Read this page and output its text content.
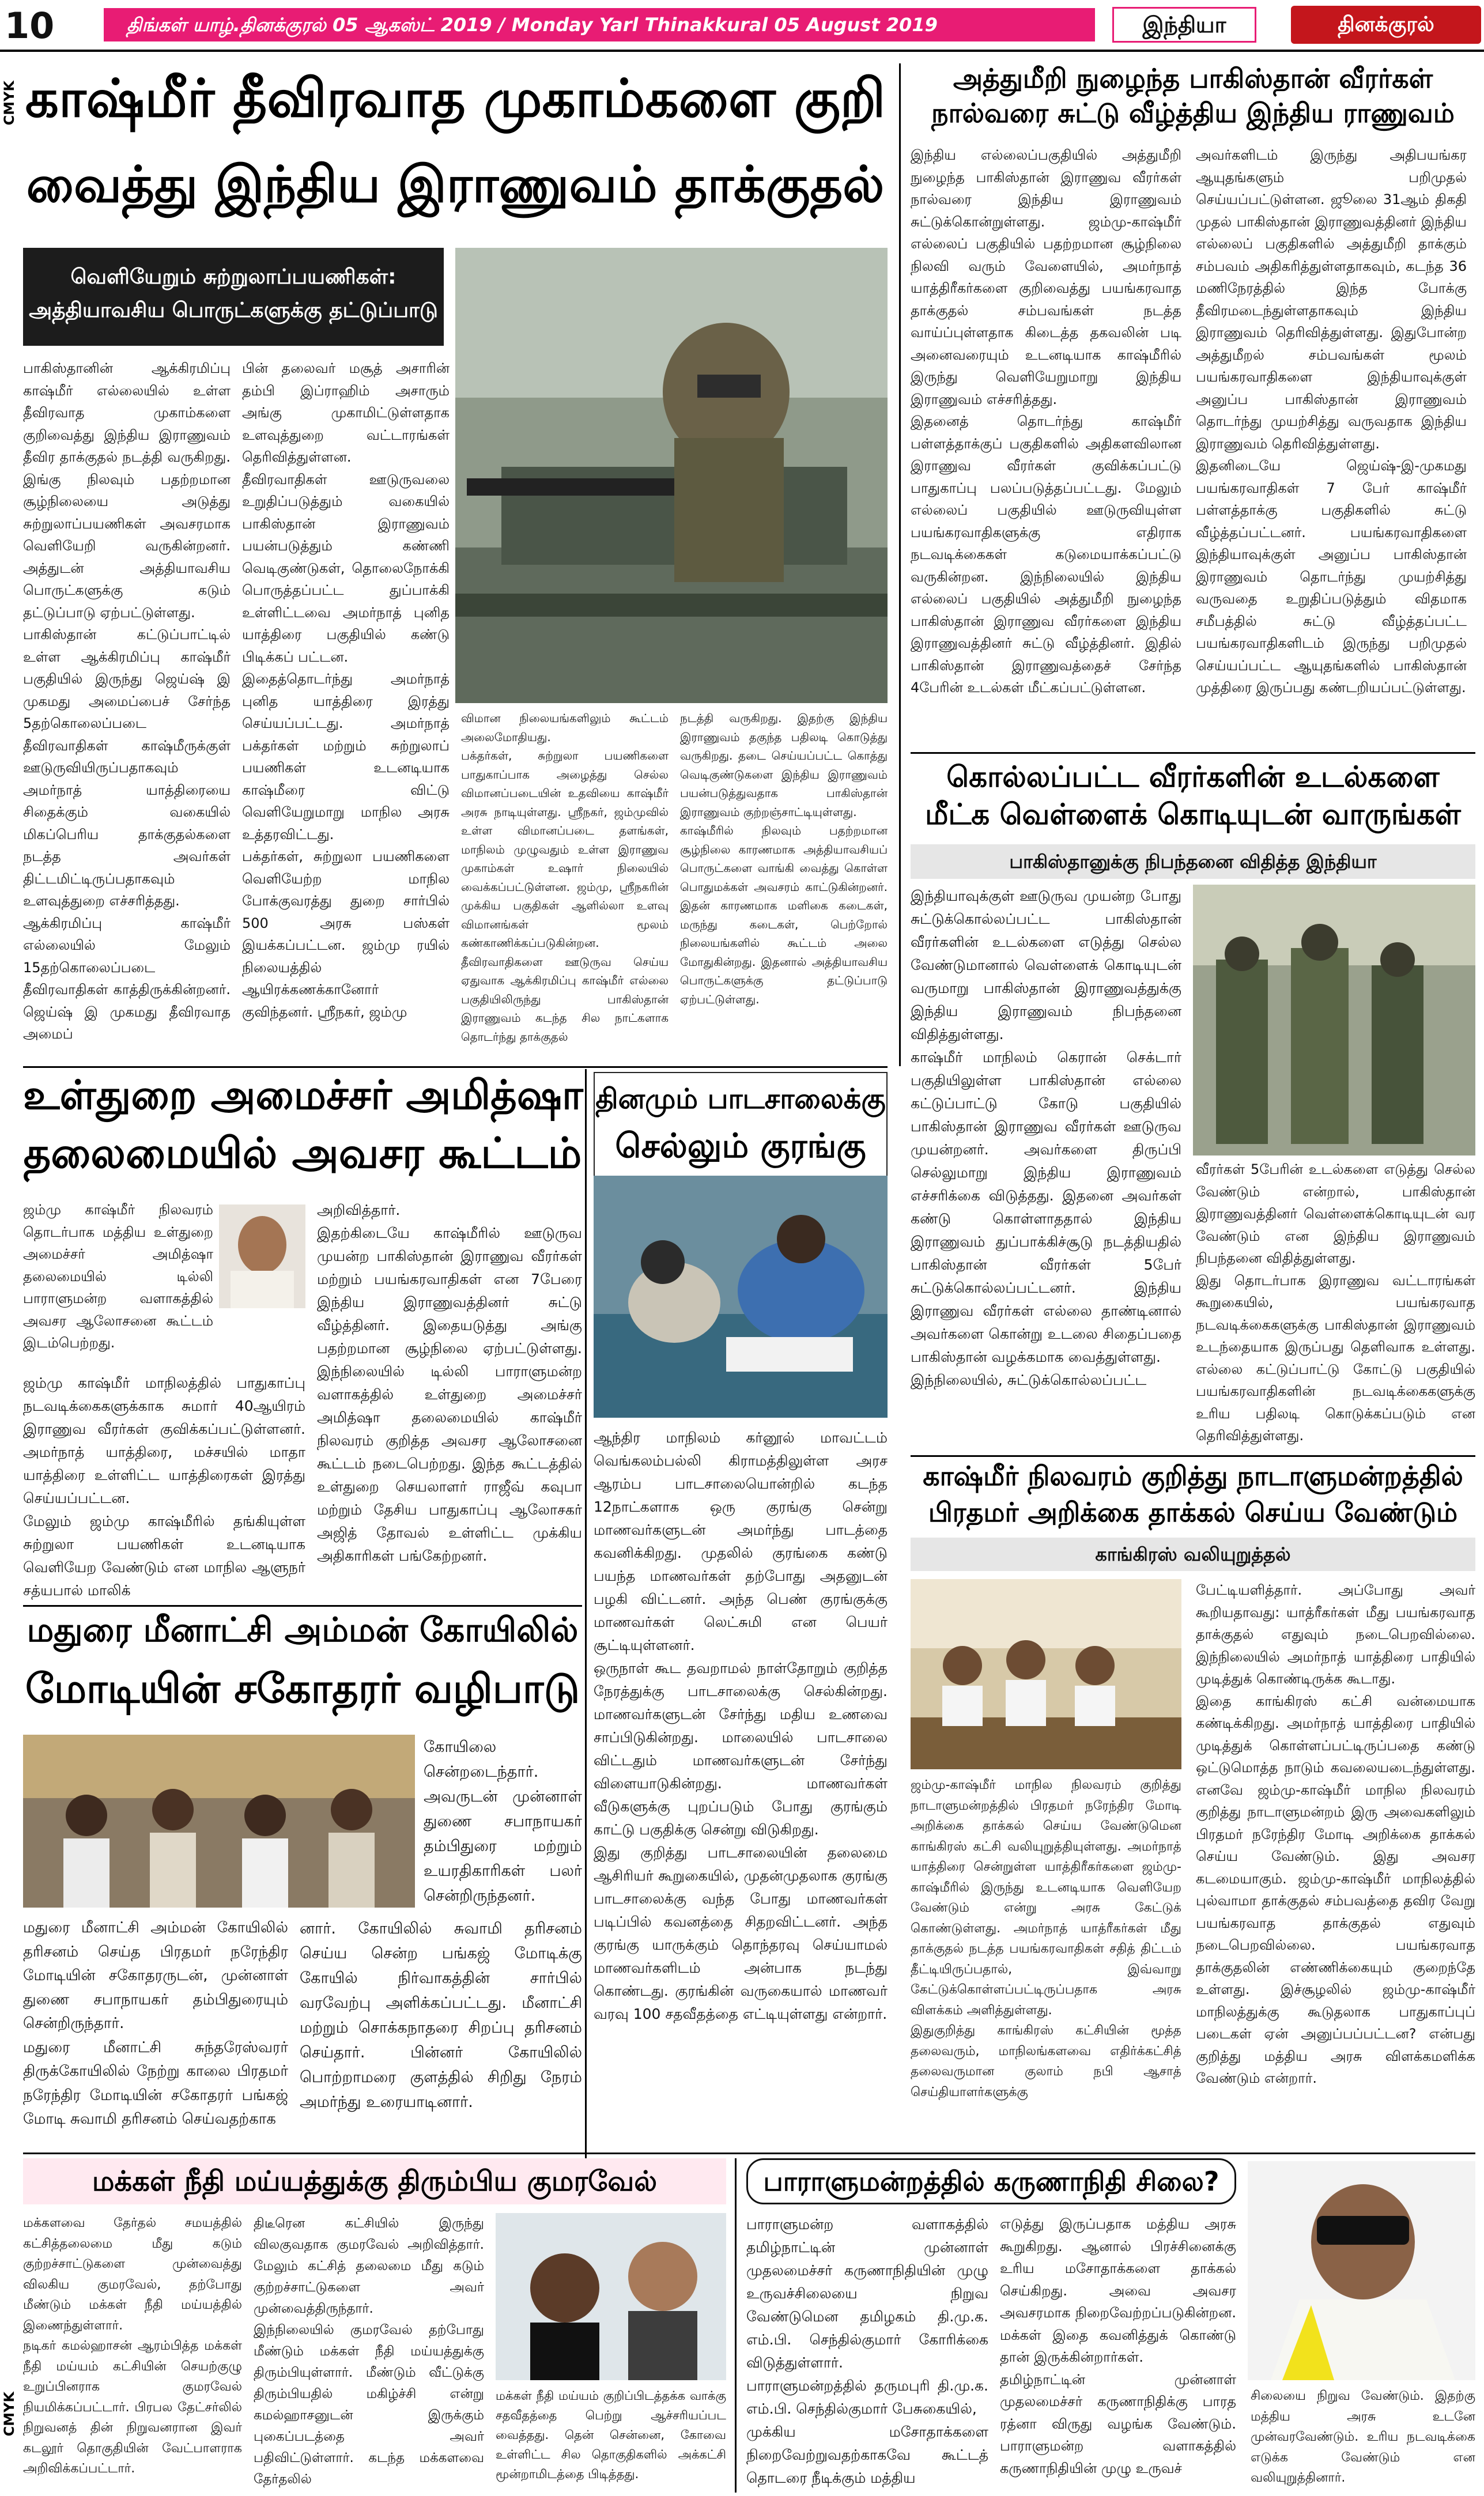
10	திங்கள் யாழ்.தினக்குரல் 05 ஆகஸ்ட் 2019 / Monday Yarl Thinakkural 05 August 2019	இந்தியா	தினக்குரல்
CMYK
CMYK
காஷ்மீர் தீவிரவாத முகாம்களை குறி
வைத்து இந்திய இராணுவம் தாக்குதல்
வெளியேறும் சுற்றுலாப்பயணிகள்:
அத்தியாவசிய பொருட்களுக்கு தட்டுப்பாடு
பாகிஸ்தானின் ஆக்கிரமிப்பு காஷ்மீர் எல்லையில் உள்ள தீவிரவாத முகாம்களை குறிவைத்து இந்திய இராணுவம் தீவிர தாக்குதல் நடத்தி வருகிறது. இங்கு நிலவும் பதற்றமான சூழ்நிலையை அடுத்து சுற்றுலாப்பயணிகள் அவசரமாக வெளியேறி வருகின்றனர். அத்துடன் அத்தியாவசிய பொருட்களுக்கு கடும் தட்டுப்பாடு ஏற்பட்டுள்ளது.
பாகிஸ்தான் கட்டுப்பாட்டில் உள்ள ஆக்கிரமிப்பு காஷ்மீர் பகுதியில் இருந்து ஜெய்ஷ் இ முகமது அமைப்பைச் சேர்ந்த 5தற்கொலைப்படை தீவிரவாதிகள் காஷ்மீருக்குள் ஊடுருவியிருப்பதாகவும் அமர்நாத் யாத்திரையை சிதைக்கும் வகையில் மிகப்பெரிய தாக்குதல்களை நடத்த அவர்கள் திட்டமிட்டிருப்பதாகவும் உளவுத்துறை எச்சரித்தது.
ஆக்கிரமிப்பு காஷ்மீர் எல்லையில் மேலும் 15தற்கொலைப்படை தீவிரவாதிகள் காத்திருக்கின்றனர். ஜெய்ஷ் இ முகமது தீவிரவாத அமைப்
பின் தலைவர் மசூத் அசாரின் தம்பி இப்ராஹிம் அசாரும் அங்கு முகாமிட்டுள்ளதாக உளவுத்துறை வட்டாரங்கள் தெரிவித்துள்ளன.
தீவிரவாதிகள் ஊடுருவலை உறுதிப்படுத்தும் வகையில் பாகிஸ்தான் இராணுவம் பயன்படுத்தும் கண்ணி வெடிகுண்டுகள், தொலைநோக்கி பொருத்தப்பட்ட துப்பாக்கி உள்ளிட்டவை அமர்நாத் புனித யாத்திரை பகுதியில் கண்டு பிடிக்கப் பட்டன.
இதைத்தொடர்ந்து அமர்நாத் புனித யாத்திரை இரத்து செய்யப்பட்டது. அமர்நாத் பக்தர்கள் மற்றும் சுற்றுலாப் பயணிகள் உடனடியாக காஷ்மீரை விட்டு வெளியேறுமாறு மாநில அரசு உத்தரவிட்டது.
பக்தர்கள், சுற்றுலா பயணிகளை வெளியேற்ற மாநில போக்குவரத்து துறை சார்பில் 500 அரசு பஸ்கள் இயக்கப்பட்டன. ஜம்மு ரயில் நிலையத்தில் ஆயிரக்கணக்கானோர் குவிந்தனர். ஸ்ரீநகர், ஜம்மு
விமான நிலையங்களிலும் கூட்டம் அலைமோதியது.
பக்தர்கள், சுற்றுலா பயணிகளை பாதுகாப்பாக அழைத்து செல்ல விமானப்படையின் உதவியை காஷ்மீர் அரசு நாடியுள்ளது. ஸ்ரீநகர், ஜம்முவில் உள்ள விமானப்படை தளங்கள், மாநிலம் முழுவதும் உள்ள இராணுவ முகாம்கள் உஷார் நிலையில் வைக்கப்பட்டுள்ளன. ஜம்மு, ஸ்ரீநகரின் முக்கிய பகுதிகள் ஆளில்லா உளவு விமானங்கள் மூலம் கண்காணிக்கப்படுகின்றன.
தீவிரவாதிகளை ஊடுருவ செய்ய ஏதுவாக ஆக்கிரமிப்பு காஷ்மீர் எல்லை பகுதியிலிருந்து பாகிஸ்தான் இராணுவம் கடந்த சில நாட்களாக தொடர்ந்து தாக்குதல்
நடத்தி வருகிறது. இதற்கு இந்திய இராணுவம் தகுந்த பதிலடி கொடுத்து வருகிறது. தடை செய்யப்பட்ட கொத்து வெடிகுண்டுகளை இந்திய இராணுவம் பயன்படுத்துவதாக பாகிஸ்தான் இராணுவம் குற்றஞ்சாட்டியுள்ளது.
காஷ்மீரில் நிலவும் பதற்றமான சூழ்நிலை காரணமாக அத்தியாவசியப் பொருட்களை வாங்கி வைத்து கொள்ள பொதுமக்கள் அவசரம் காட்டுகின்றனர். இதன் காரணமாக மளிகை கடைகள், மருந்து கடைகள், பெற்றோல் நிலையங்களில் கூட்டம் அலை மோதுகின்றது. இதனால் அத்தியாவசிய பொருட்களுக்கு தட்டுப்பாடு ஏற்பட்டுள்ளது.
அத்துமீறி நுழைந்த பாகிஸ்தான் வீரர்கள்
நால்வரை சுட்டு வீழ்த்திய இந்திய ராணுவம்
இந்திய எல்லைப்பகுதியில் அத்துமீறி நுழைந்த பாகிஸ்தான் இராணுவ வீரர்கள் நால்வரை இந்திய இராணுவம் சுட்டுக்கொன்றுள்ளது. ஜம்மு-காஷ்மீர் எல்லைப் பகுதியில் பதற்றமான சூழ்நிலை நிலவி வரும் வேளையில், அமர்நாத் யாத்திரீகர்களை குறிவைத்து பயங்கரவாத தாக்குதல் சம்பவங்கள் நடத்த வாய்ப்புள்ளதாக கிடைத்த தகவலின் படி அனைவரையும் உடனடியாக காஷ்மீரில் இருந்து வெளியேறுமாறு இந்திய இராணுவம் எச்சரித்தது.
இதனைத் தொடர்ந்து காஷ்மீர் பள்ளத்தாக்குப் பகுதிகளில் அதிகளவிலான இராணுவ வீரர்கள் குவிக்கப்பட்டு பாதுகாப்பு பலப்படுத்தப்பட்டது. மேலும் எல்லைப் பகுதியில் ஊடுருவியுள்ள பயங்கரவாதிகளுக்கு எதிராக நடவடிக்கைகள் கடுமையாக்கப்பட்டு வருகின்றன. இந்நிலையில் இந்திய எல்லைப் பகுதியில் அத்துமீறி நுழைந்த பாகிஸ்தான் இராணுவ வீரர்களை இந்திய இராணுவத்தினர் சுட்டு வீழ்த்தினர். இதில் பாகிஸ்தான் இராணுவத்தைச் சேர்ந்த 4பேரின் உடல்கள் மீட்கப்பட்டுள்ளன.
அவர்களிடம் இருந்து அதிபயங்கர ஆயுதங்களும் பறிமுதல் செய்யப்பட்டுள்ளன. ஜூலை 31ஆம் திகதி முதல் பாகிஸ்தான் இராணுவத்தினர் இந்திய எல்லைப் பகுதிகளில் அத்துமீறி தாக்கும் சம்பவம் அதிகரித்துள்ளதாகவும், கடந்த 36 மணிநேரத்தில் இந்த போக்கு தீவிரமடைந்துள்ளதாகவும் இந்திய இராணுவம் தெரிவித்துள்ளது. இதுபோன்ற அத்துமீறல் சம்பவங்கள் மூலம் பயங்கரவாதிகளை இந்தியாவுக்குள் அனுப்ப பாகிஸ்தான் இராணுவம் தொடர்ந்து முயற்சித்து வருவதாக இந்திய இராணுவம் தெரிவித்துள்ளது.
இதனிடையே ஜெய்ஷ்-இ-முகமது பயங்கரவாதிகள் 7 பேர் காஷ்மீர் பள்ளத்தாக்கு பகுதிகளில் சுட்டு வீழ்த்தப்பட்டனர். பயங்கரவாதிகளை இந்தியாவுக்குள் அனுப்ப பாகிஸ்தான் இராணுவம் தொடர்ந்து முயற்சித்து வருவதை உறுதிப்படுத்தும் விதமாக சமீபத்தில் சுட்டு வீழ்த்தப்பட்ட பயங்கரவாதிகளிடம் இருந்து பறிமுதல் செய்யப்பட்ட ஆயுதங்களில் பாகிஸ்தான் முத்திரை இருப்பது கண்டறியப்பட்டுள்ளது.
கொல்லப்பட்ட வீரர்களின் உடல்களை
மீட்க வெள்ளைக் கொடியுடன் வாருங்கள்
பாகிஸ்தானுக்கு நிபந்தனை விதித்த இந்தியா
இந்தியாவுக்குள் ஊடுருவ முயன்ற போது சுட்டுக்கொல்லப்பட்ட பாகிஸ்தான் வீரர்களின் உடல்களை எடுத்து செல்ல வேண்டுமானால் வெள்ளைக் கொடியுடன் வருமாறு பாகிஸ்தான் இராணுவத்துக்கு இந்திய இராணுவம் நிபந்தனை விதித்துள்ளது.
காஷ்மீர் மாநிலம் கெரான் செக்டார் பகுதியிலுள்ள பாகிஸ்தான் எல்லை கட்டுப்பாட்டு கோடு பகுதியில் பாகிஸ்தான் இராணுவ வீரர்கள் ஊடுருவ முயன்றனர். அவர்களை திருப்பி செல்லுமாறு இந்திய இராணுவம் எச்சரிக்கை விடுத்தது. இதனை அவர்கள் கண்டு கொள்ளாததால் இந்திய இராணுவம் துப்பாக்கிச்சூடு நடத்தியதில் பாகிஸ்தான் வீரர்கள் 5பேர் சுட்டுக்கொல்லப்பட்டனர். இந்திய இராணுவ வீரர்கள் எல்லை தாண்டினால் அவர்களை கொன்று உடலை சிதைப்பதை பாகிஸ்தான் வழக்கமாக வைத்துள்ளது.
இந்நிலையில், சுட்டுக்கொல்லப்பட்ட
வீரர்கள் 5பேரின் உடல்களை எடுத்து செல்ல வேண்டும் என்றால், பாகிஸ்தான் இராணுவத்தினர் வெள்ளைக்கொடியுடன் வர வேண்டும் என இந்திய இராணுவம் நிபந்தனை விதித்துள்ளது.
இது தொடர்பாக இராணுவ வட்டாரங்கள் கூறுகையில், பயங்கரவாத நடவடிக்கைகளுக்கு பாகிஸ்தான் இராணுவம் உடந்தையாக இருப்பது தெளிவாக உள்ளது. எல்லை கட்டுப்பாட்டு கோட்டு பகுதியில் பயங்கரவாதிகளின் நடவடிக்கைகளுக்கு உரிய பதிலடி கொடுக்கப்படும் என தெரிவித்துள்ளது.
காஷ்மீர் நிலவரம் குறித்து நாடாளுமன்றத்தில்
பிரதமர் அறிக்கை தாக்கல் செய்ய வேண்டும்
காங்கிரஸ் வலியுறுத்தல்
ஜம்மு-காஷ்மீர் மாநில நிலவரம் குறித்து நாடாளுமன்றத்தில் பிரதமர் நரேந்திர மோடி அறிக்கை தாக்கல் செய்ய வேண்டுமென காங்கிரஸ் கட்சி வலியுறுத்தியுள்ளது. அமர்நாத் யாத்திரை சென்றுள்ள யாத்திரீகர்களை ஜம்மு-காஷ்மீரில் இருந்து உடனடியாக வெளியேற வேண்டும் என்று அரசு கேட்டுக் கொண்டுள்ளது. அமர்நாத் யாத்ரீகர்கள் மீது தாக்குதல் நடத்த பயங்கரவாதிகள் சதித் திட்டம் தீட்டியிருப்பதால், இவ்வாறு கேட்டுக்கொள்ளப்பட்டிருப்பதாக அரசு விளக்கம் அளித்துள்ளது.
இதுகுறித்து காங்கிரஸ் கட்சியின் மூத்த தலைவரும், மாநிலங்களவை எதிர்க்கட்சித் தலைவருமான குலாம் நபி ஆசாத் செய்தியாளர்களுக்கு
பேட்டியளித்தார். அப்போது அவர் கூறியதாவது: யாத்ரீகர்கள் மீது பயங்கரவாத தாக்குதல் எதுவும் நடைபெறவில்லை. இந்நிலையில் அமர்நாத் யாத்திரை பாதியில் முடித்துக் கொண்டிருக்க கூடாது.
இதை காங்கிரஸ் கட்சி வன்மையாக கண்டிக்கிறது. அமர்நாத் யாத்திரை பாதியில் முடித்துக் கொள்ளப்பட்டிருப்பதை கண்டு ஒட்டுமொத்த நாடும் கவலையடைந்துள்ளது. எனவே ஜம்மு-காஷ்மீர் மாநில நிலவரம் குறித்து நாடாளுமன்றம் இரு அவைகளிலும் பிரதமர் நரேந்திர மோடி அறிக்கை தாக்கல் செய்ய வேண்டும். இது அவசர கடமையாகும். ஜம்மு-காஷ்மீர் மாநிலத்தில் புல்வாமா தாக்குதல் சம்பவத்தை தவிர வேறு பயங்கரவாத தாக்குதல் எதுவும் நடைபெறவில்லை. பயங்கரவாத தாக்குதலின் எண்ணிக்கையும் குறைந்தே உள்ளது. இச்சூழலில் ஜம்மு-காஷ்மீர் மாநிலத்துக்கு கூடுதலாக பாதுகாப்புப் படைகள் ஏன் அனுப்பப்பட்டன? என்பது குறித்து மத்திய அரசு விளக்கமளிக்க வேண்டும் என்றார்.
உள்துறை அமைச்சர் அமித்ஷா
தலைமையில் அவசர கூட்டம்
ஜம்மு காஷ்மீர் நிலவரம் தொடர்பாக மத்திய உள்துறை அமைச்சர் அமித்ஷா தலைமையில் டில்லி பாராளுமன்ற வளாகத்தில் அவசர ஆலோசனை கூட்டம் இடம்பெற்றது.
ஜம்மு காஷ்மீர் மாநிலத்தில் பாதுகாப்பு நடவடிக்கைகளுக்காக சுமார் 40ஆயிரம் இராணுவ வீரர்கள் குவிக்கப்பட்டுள்ளனர். அமர்நாத் யாத்திரை, மச்சயில் மாதா யாத்திரை உள்ளிட்ட யாத்திரைகள் இரத்து செய்யப்பட்டன.
மேலும் ஜம்மு காஷ்மீரில் தங்கியுள்ள சுற்றுலா பயணிகள் உடனடியாக வெளியேற வேண்டும் என மாநில ஆளுநர் சத்யபால் மாலிக்
அறிவித்தார்.
இதற்கிடையே காஷ்மீரில் ஊடுருவ முயன்ற பாகிஸ்தான் இராணுவ வீரர்கள் மற்றும் பயங்கரவாதிகள் என 7பேரை இந்திய இராணுவத்தினர் சுட்டு வீழ்த்தினர். இதையடுத்து அங்கு பதற்றமான சூழ்நிலை ஏற்பட்டுள்ளது. இந்நிலையில் டில்லி பாராளுமன்ற வளாகத்தில் உள்துறை அமைச்சர் அமித்ஷா தலைமையில் காஷ்மீர் நிலவரம் குறித்த அவசர ஆலோசனை கூட்டம் நடைபெற்றது. இந்த கூட்டத்தில் உள்துறை செயலாளர் ராஜீவ் கவுபா மற்றும் தேசிய பாதுகாப்பு ஆலோசகர் அஜித் தோவல் உள்ளிட்ட முக்கிய அதிகாரிகள் பங்கேற்றனர்.
தினமும் பாடசாலைக்கு
செல்லும் குரங்கு
ஆந்திர மாநிலம் கர்னூல் மாவட்டம் வெங்கலம்பல்லி கிராமத்திலுள்ள அரச ஆரம்ப பாடசாலையொன்றில் கடந்த 12நாட்களாக ஒரு குரங்கு சென்று மாணவர்களுடன் அமர்ந்து பாடத்தை கவனிக்கிறது. முதலில் குரங்கை கண்டு பயந்த மாணவர்கள் தற்போது அதனுடன் பழகி விட்டனர். அந்த பெண் குரங்குக்கு மாணவர்கள் லெட்சுமி என பெயர் சூட்டியுள்ளனர்.
ஒருநாள் கூட தவறாமல் நாள்தோறும் குறித்த நேரத்துக்கு பாடசாலைக்கு செல்கின்றது. மாணவர்களுடன் சேர்ந்து மதிய உணவை சாப்பிடுகின்றது. மாலையில் பாடசாலை விட்டதும் மாணவர்களுடன் சேர்ந்து விளையாடுகின்றது. மாணவர்கள் வீடுகளுக்கு புறப்படும் போது குரங்கும் காட்டு பகுதிக்கு சென்று விடுகிறது.
இது குறித்து பாடசாலையின் தலைமை ஆசிரியர் கூறுகையில், முதன்முதலாக குரங்கு பாடசாலைக்கு வந்த போது மாணவர்கள் படிப்பில் கவனத்தை சிதறவிட்டனர். அந்த குரங்கு யாருக்கும் தொந்தரவு செய்யாமல் மாணவர்களிடம் அன்பாக நடந்து கொண்டது. குரங்கின் வருகையால் மாணவர் வரவு 100 சதவீதத்தை எட்டியுள்ளது என்றார்.
மதுரை மீனாட்சி அம்மன் கோயிலில்
மோடியின் சகோதரர் வழிபாடு
கோயிலை சென்றடைந்தார். அவருடன் முன்னாள் துணை சபாநாயகர் தம்பிதுரை மற்றும் உயரதிகாரிகள் பலர் சென்றிருந்தனர்.
மதுரை மீனாட்சி அம்மன் கோயிலில் தரிசனம் செய்த பிரதமர் நரேந்திர மோடியின் சகோதரருடன், முன்னாள் துணை சபாநாயகர் தம்பிதுரையும் சென்றிருந்தார்.
மதுரை மீனாட்சி சுந்தரேஸ்வரர் திருக்கோயிலில் நேற்று காலை பிரதமர் நரேந்திர மோடியின் சகோதரர் பங்கஜ் மோடி சுவாமி தரிசனம் செய்வதற்காக
னார். கோயிலில் சுவாமி தரிசனம் செய்ய சென்ற பங்கஜ் மோடிக்கு கோயில் நிர்வாகத்தின் சார்பில் வரவேற்பு அளிக்கப்பட்டது. மீனாட்சி மற்றும் சொக்கநாதரை சிறப்பு தரிசனம் செய்தார். பின்னர் கோயிலில் பொற்றாமரை குளத்தில் சிறிது நேரம் அமர்ந்து உரையாடினார்.
மக்கள் நீதி மய்யத்துக்கு திரும்பிய குமரவேல்
மக்களவை தேர்தல் சமயத்தில் கட்சித்தலைமை மீது கடும் குற்றச்சாட்டுகளை முன்வைத்து விலகிய குமரவேல், தற்போது மீண்டும் மக்கள் நீதி மய்யத்தில் இணைந்துள்ளார்.
நடிகர் கமல்ஹாசன் ஆரம்பித்த மக்கள் நீதி மய்யம் கட்சியின் செயற்குழு உறுப்பினராக குமரவேல் நியமிக்கப்பட்டார். பிரபல தேட்சர்லில் நிறுவனத் தின் நிறுவனரான இவர் கடலூர் தொகுதியின் வேட்பாளராக அறிவிக்கப்பட்டார்.
திடீரென கட்சியில் இருந்து விலகுவதாக குமரவேல் அறிவித்தார். மேலும் கட்சித் தலைமை மீது கடும் குற்றச்சாட்டுகளை அவர் முன்வைத்திருந்தார்.
இந்நிலையில் குமரவேல் தற்போது மீண்டும் மக்கள் நீதி மய்யத்துக்கு திரும்பியுள்ளார். மீண்டும் வீட்டுக்கு திரும்பியதில் மகிழ்ச்சி என்று கமல்ஹாசனுடன் இருக்கும் புகைப்படத்தை அவர் பதிவிட்டுள்ளார். கடந்த மக்களவை தேர்தலில்
மக்கள் நீதி மய்யம் குறிப்பிடத்தக்க வாக்கு சதவீதத்தை பெற்று ஆச்சரியப்பட வைத்தது. தென் சென்னை, கோவை உள்ளிட்ட சில தொகுதிகளில் அக்கட்சி மூன்றாமிடத்தை பிடித்தது.
பாராளுமன்றத்தில் கருணாநிதி சிலை?
பாராளுமன்ற வளாகத்தில் தமிழ்நாட்டின் முன்னாள் முதலமைச்சர் கருணாநிதியின் முழு உருவச்சிலையை நிறுவ வேண்டுமென தமிழகம் தி.மு.க. எம்.பி. செந்தில்குமார் கோரிக்கை விடுத்துள்ளார்.
பாராளுமன்றத்தில் தருமபுரி தி.மு.க. எம்.பி. செந்தில்குமார் பேசுகையில்,
முக்கிய மசோதாக்களை நிறைவேற்றுவதற்காகவே கூட்டத் தொடரை நீடிக்கும் மத்திய
எடுத்து இருப்பதாக மத்திய அரசு கூறுகிறது. ஆனால் பிரச்சினைக்கு உரிய மசோதாக்களை தாக்கல் செய்கிறது. அவை அவசர அவசரமாக நிறைவேற்றப்படுகின்றன. மக்கள் இதை கவனித்துக் கொண்டு தான் இருக்கின்றார்கள்.
தமிழ்நாட்டின் முன்னாள் முதலமைச்சர் கருணாநிதிக்கு பாரத ரத்னா விருது வழங்க வேண்டும். பாராளுமன்ற வளாகத்தில் கருணாநிதியின் முழு உருவச்
சிலையை நிறுவ வேண்டும். இதற்கு மத்திய அரசு உடனே முன்வரவேண்டும். உரிய நடவடிக்கை எடுக்க வேண்டும் என வலியுறுத்தினார்.
